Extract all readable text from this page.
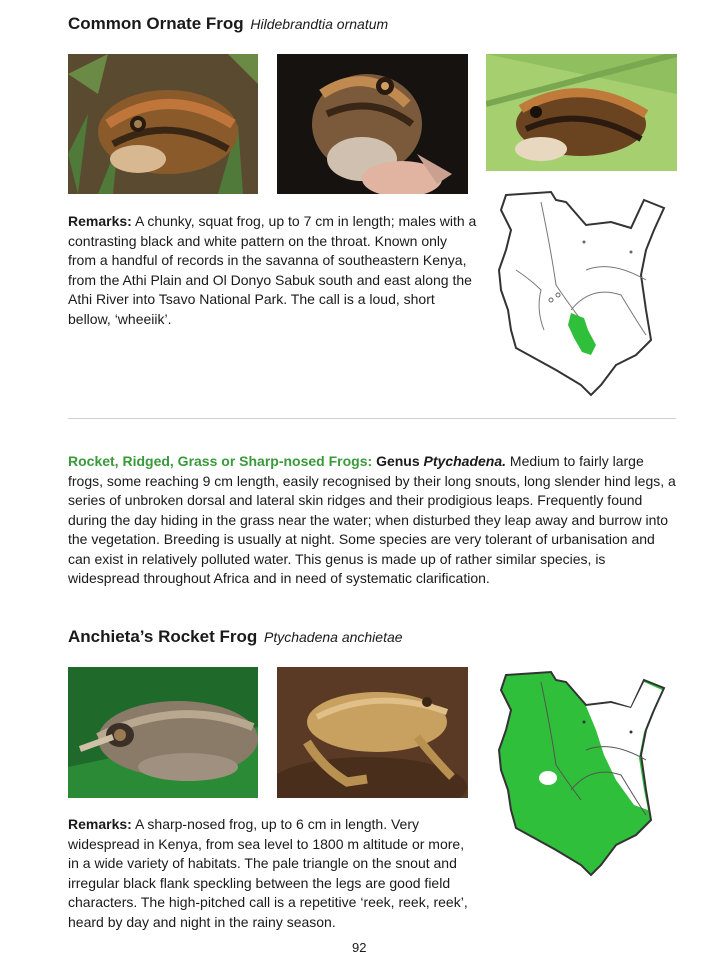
Common Ornate Frog Hildebrandtia ornatum
Remarks: A chunky, squat frog, up to 7 cm in length; males with a contrasting black and white pattern on the throat. Known only from a handful of records in the savanna of southeastern Kenya, from the Athi Plain and Ol Donyo Sabuk south and east along the Athi River into Tsavo National Park. The call is a loud, short bellow, ‘wheeiik’.
Rocket, Ridged, Grass or Sharp-nosed Frogs: Genus Ptychadena. Medium to fairly large frogs, some reaching 9 cm length, easily recognised by their long snouts, long slender hind legs, a series of unbroken dorsal and lateral skin ridges and their prodigious leaps. Frequently found during the day hiding in the grass near the water; when disturbed they leap away and burrow into the vegetation. Breeding is usually at night. Some species are very tolerant of urbanisation and can exist in relatively polluted water. This genus is made up of rather similar species, is widespread throughout Africa and in need of systematic clarification.
Anchieta’s Rocket Frog Ptychadena anchietae
Remarks: A sharp-nosed frog, up to 6 cm in length. Very widespread in Kenya, from sea level to 1800 m altitude or more, in a wide variety of habitats. The pale triangle on the snout and irregular black flank speckling between the legs are good field characters. The high-pitched call is a repetitive ‘reek, reek, reek’, heard by day and night in the rainy season.
92
